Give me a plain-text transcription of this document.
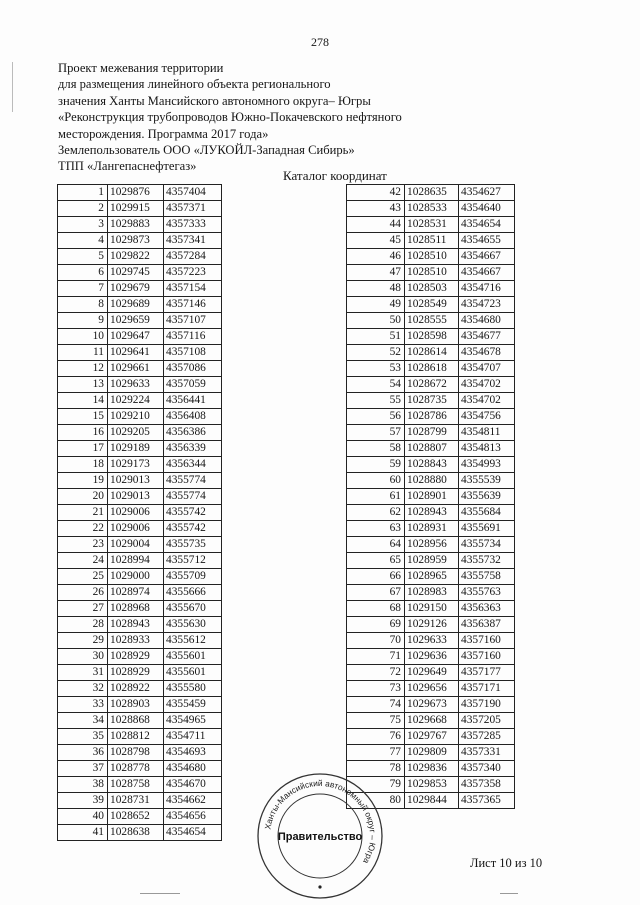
278
Проект межевания территории
для размещения линейного объекта регионального
значения Ханты Мансийского автономного округа– Югры
«Реконструкция трубопроводов Южно-Покачевского нефтяного
месторождения. Программа 2017 года»
Землепользователь ООО «ЛУКОЙЛ-Западная Сибирь»
ТПП «Лангепаснефтегаз»
Каталог координат
1	1029876	4357404
2	1029915	4357371
3	1029883	4357333
4	1029873	4357341
5	1029822	4357284
6	1029745	4357223
7	1029679	4357154
8	1029689	4357146
9	1029659	4357107
10	1029647	4357116
11	1029641	4357108
12	1029661	4357086
13	1029633	4357059
14	1029224	4356441
15	1029210	4356408
16	1029205	4356386
17	1029189	4356339
18	1029173	4356344
19	1029013	4355774
20	1029013	4355774
21	1029006	4355742
22	1029006	4355742
23	1029004	4355735
24	1028994	4355712
25	1029000	4355709
26	1028974	4355666
27	1028968	4355670
28	1028943	4355630
29	1028933	4355612
30	1028929	4355601
31	1028929	4355601
32	1028922	4355580
33	1028903	4355459
34	1028868	4354965
35	1028812	4354711
36	1028798	4354693
37	1028778	4354680
38	1028758	4354670
39	1028731	4354662
40	1028652	4354656
41	1028638	4354654
42	1028635	4354627
43	1028533	4354640
44	1028531	4354654
45	1028511	4354655
46	1028510	4354667
47	1028510	4354667
48	1028503	4354716
49	1028549	4354723
50	1028555	4354680
51	1028598	4354677
52	1028614	4354678
53	1028618	4354707
54	1028672	4354702
55	1028735	4354702
56	1028786	4354756
57	1028799	4354811
58	1028807	4354813
59	1028843	4354993
60	1028880	4355539
61	1028901	4355639
62	1028943	4355684
63	1028931	4355691
64	1028956	4355734
65	1028959	4355732
66	1028965	4355758
67	1028983	4355763
68	1029150	4356363
69	1029126	4356387
70	1029633	4357160
71	1029636	4357160
72	1029649	4357177
73	1029656	4357171
74	1029673	4357190
75	1029668	4357205
76	1029767	4357285
77	1029809	4357331
78	1029836	4357340
79	1029853	4357358
80	1029844	4357365
Ханты-Мансийский автономный округ – Югра
Правительство
Лист 10 из 10
